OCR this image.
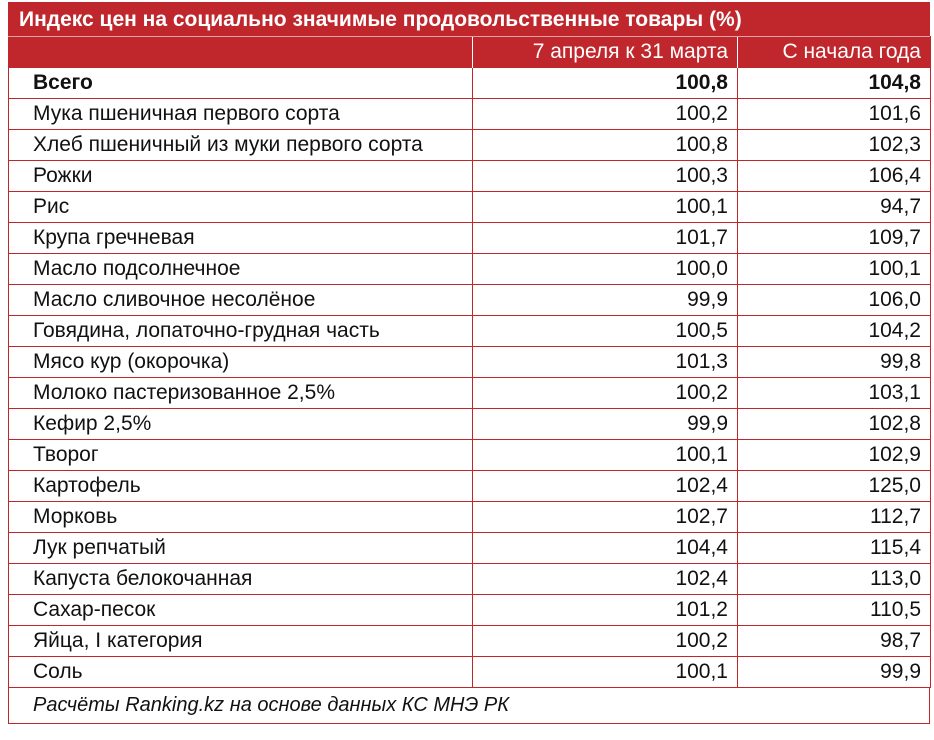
Индекс цен на социально значимые продовольственные товары (%)
	7 апреля к 31 марта	С начала года
Всего	100,8	104,8
Мука пшеничная первого сорта	100,2	101,6
Хлеб пшеничный из муки первого сорта	100,8	102,3
Рожки	100,3	106,4
Рис	100,1	94,7
Крупа гречневая	101,7	109,7
Масло подсолнечное	100,0	100,1
Масло сливочное несолёное	99,9	106,0
Говядина, лопаточно-грудная часть	100,5	104,2
Мясо кур (окорочка)	101,3	99,8
Молоко пастеризованное 2,5%	100,2	103,1
Кефир 2,5%	99,9	102,8
Творог	100,1	102,9
Картофель	102,4	125,0
Морковь	102,7	112,7
Лук репчатый	104,4	115,4
Капуста белокочанная	102,4	113,0
Сахар-песок	101,2	110,5
Яйца, I категория	100,2	98,7
Соль	100,1	99,9
Расчёты Ranking.kz на основе данных КС МНЭ РК
